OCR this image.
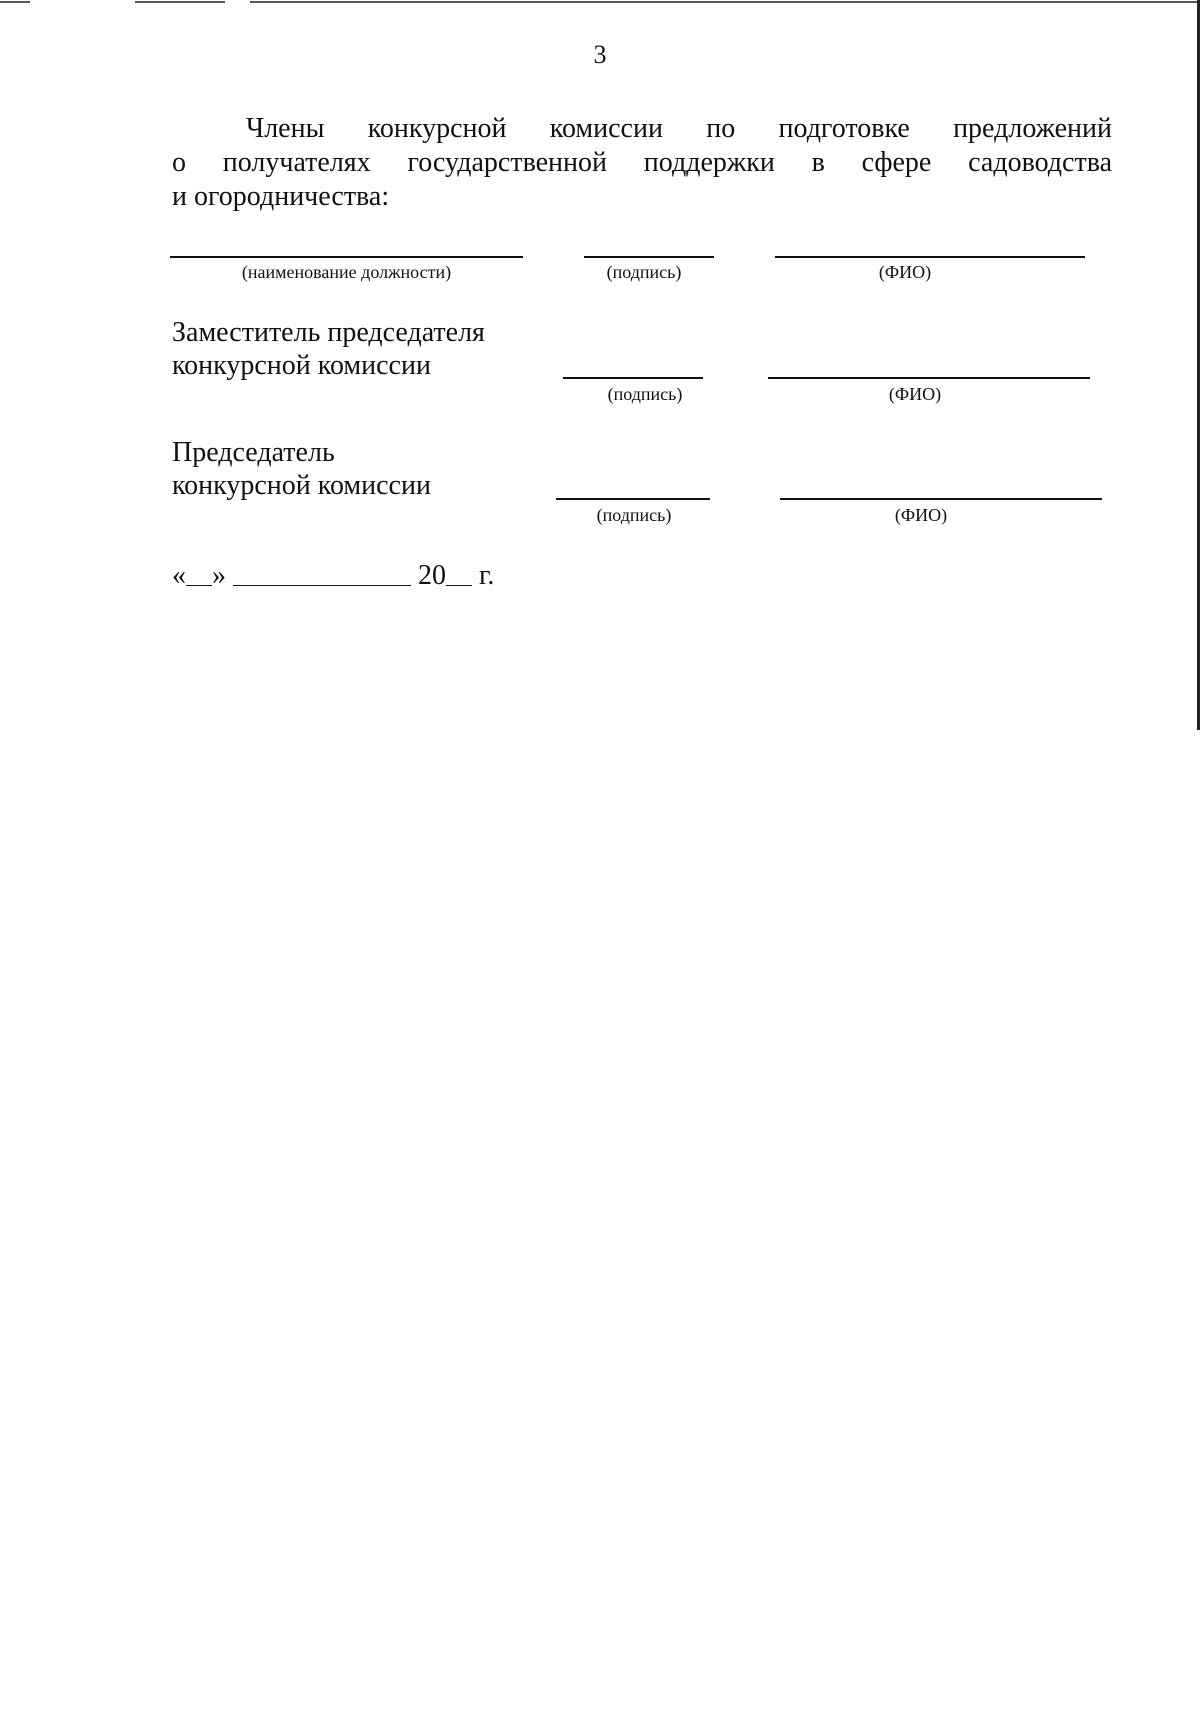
3
Члены конкурсной комиссии по подготовке предложений
о получателях государственной поддержки в сфере садоводства
и огородничества:
(наименование должности)	(подпись)	(ФИО)
Заместитель председателя
конкурсной комиссии
(подпись)	(ФИО)
Председатель
конкурсной комиссии
(подпись)	(ФИО)
« »	20 г.
